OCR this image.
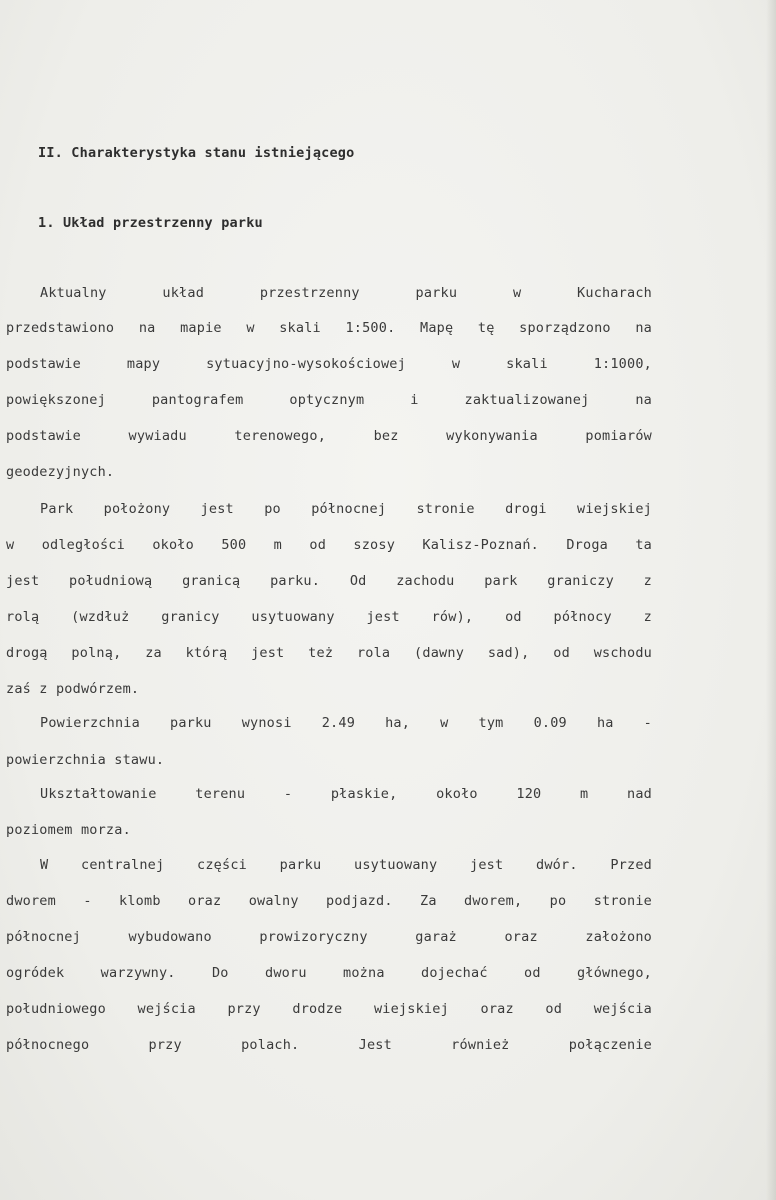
II. Charakterystyka stanu istniejącego
1. Układ przestrzenny parku
Aktualny układ przestrzenny parku w Kucharach
przedstawiono na mapie w skali 1:500. Mapę tę sporządzono na
podstawie mapy sytuacyjno-wysokościowej w skali 1:1000,
powiększonej pantografem optycznym i zaktualizowanej na
podstawie wywiadu terenowego, bez wykonywania pomiarów
geodezyjnych.
Park położony jest po północnej stronie drogi wiejskiej
w odległości około 500 m od szosy Kalisz-Poznań. Droga ta
jest południową granicą parku. Od zachodu park graniczy z
rolą (wzdłuż granicy usytuowany jest rów), od północy z
drogą polną, za którą jest też rola (dawny sad), od wschodu
zaś z podwórzem.
Powierzchnia parku wynosi 2.49 ha, w tym 0.09 ha -
powierzchnia stawu.
Ukształtowanie terenu - płaskie, około 120 m nad
poziomem morza.
W centralnej części parku usytuowany jest dwór. Przed
dworem - klomb oraz owalny podjazd. Za dworem, po stronie
północnej wybudowano prowizoryczny garaż oraz założono
ogródek warzywny. Do dworu można dojechać od głównego,
południowego wejścia przy drodze wiejskiej oraz od wejścia
północnego przy polach. Jest również połączenie
